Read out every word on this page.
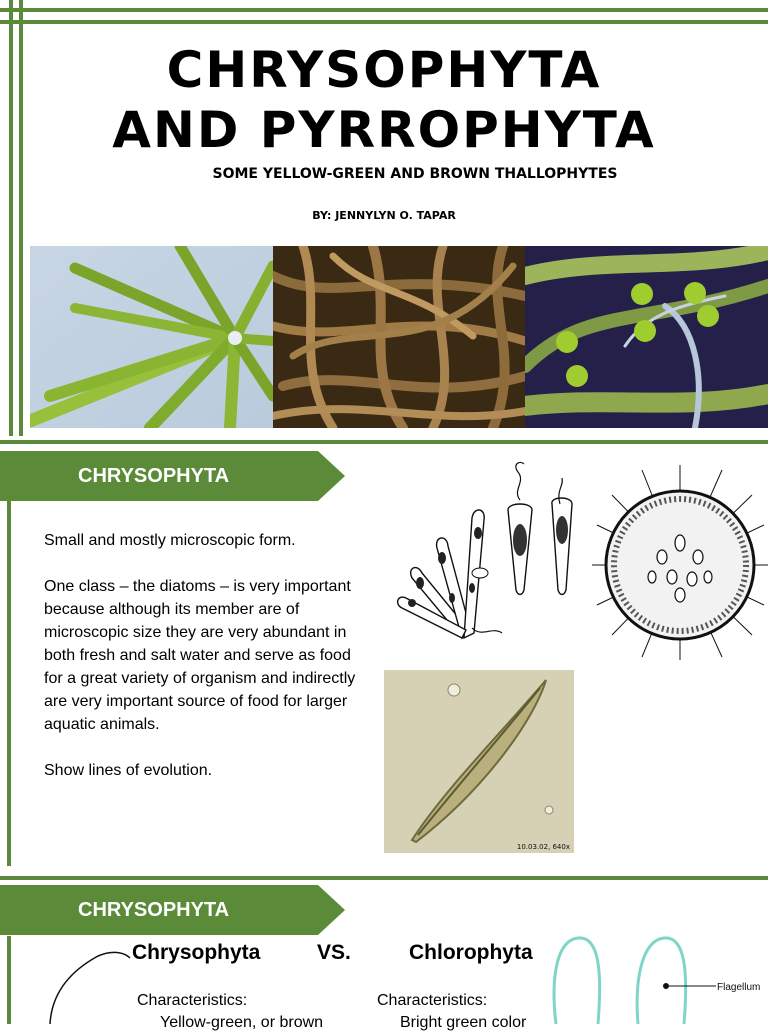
CHRYSOPHYTA
AND PYRROPHYTA
SOME YELLOW-GREEN AND BROWN THALLOPHYTES
BY: JENNYLYN O. TAPAR
CHRYSOPHYTA

Small and mostly microscopic form.

One class – the diatoms – is very important because although its member are of microscopic size they are very abundant in both fresh and salt water and serve as food for a great variety of organism and indirectly are very important source of food for larger aquatic animals.

Show lines of evolution.

10.03.02, 640x
CHRYSOPHYTA
Chrysophyta	VS.	Chlorophyta
Characteristics:
Yellow-green, or brown
Characteristics:
Bright green color
Flagellum
